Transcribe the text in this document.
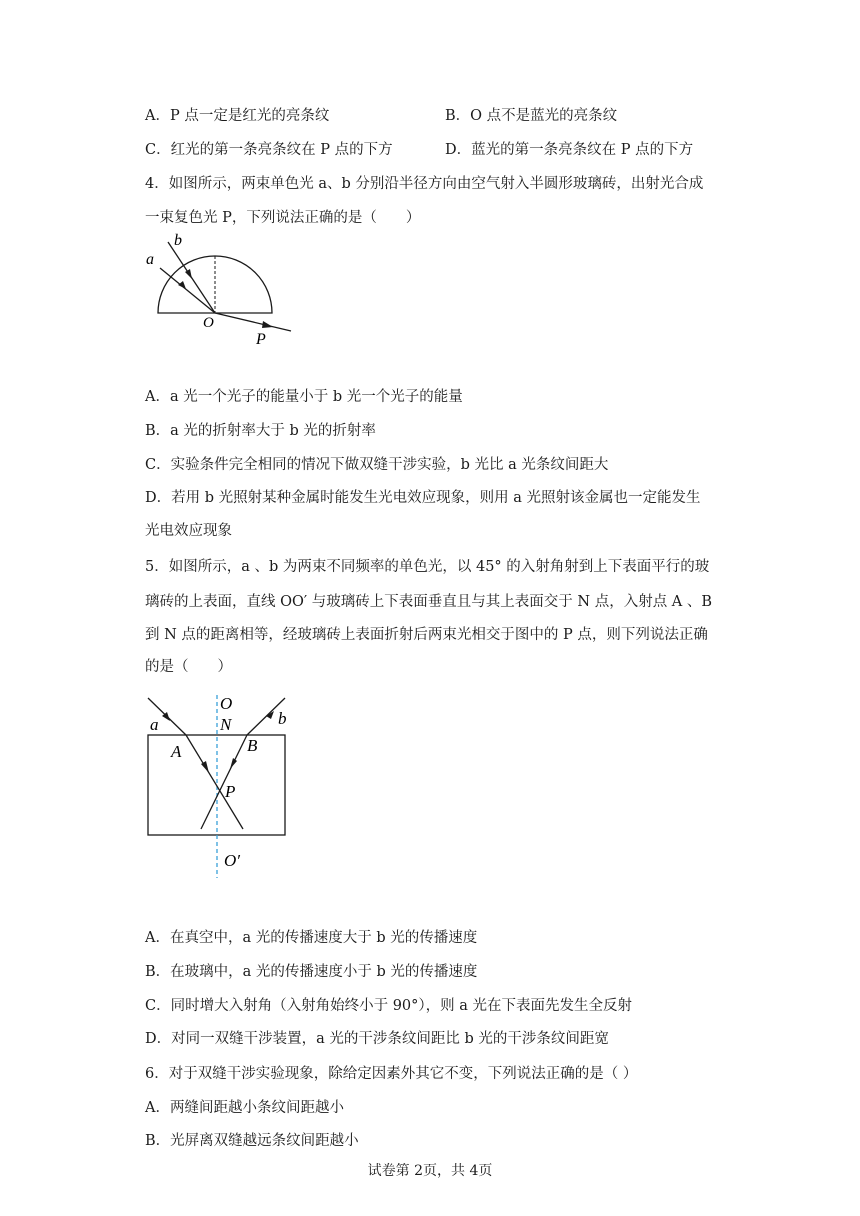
A．P 点一定是红光的亮条纹	B．O 点不是蓝光的亮条纹
C．红光的第一条亮条纹在 P 点的下方	D．蓝光的第一条亮条纹在 P 点的下方
4．如图所示，两束单色光 a、b 分别沿半径方向由空气射入半圆形玻璃砖，出射光合成
一束复色光 P，下列说法正确的是（　　）
a
b
O
P
A．a 光一个光子的能量小于 b 光一个光子的能量
B．a 光的折射率大于 b 光的折射率
C．实验条件完全相同的情况下做双缝干涉实验，b 光比 a 光条纹间距大
D．若用 b 光照射某种金属时能发生光电效应现象，则用 a 光照射该金属也一定能发生
光电效应现象
5．如图所示，a 、b 为两束不同频率的单色光，以 45° 的入射角射到上下表面平行的玻
璃砖的上表面，直线 OO′ 与玻璃砖上下表面垂直且与其上表面交于 N 点，入射点 A 、B
到 N 点的距离相等，经玻璃砖上表面折射后两束光相交于图中的 P 点，则下列说法正确
的是（　　）
O
N
a	b
A	B
P
O′
A．在真空中，a 光的传播速度大于 b 光的传播速度
B．在玻璃中，a 光的传播速度小于 b 光的传播速度
C．同时增大入射角（入射角始终小于 90°），则 a 光在下表面先发生全反射
D．对同一双缝干涉装置，a 光的干涉条纹间距比 b 光的干涉条纹间距宽
6．对于双缝干涉实验现象，除给定因素外其它不变，下列说法正确的是（ ）
A．两缝间距越小条纹间距越小
B．光屏离双缝越远条纹间距越小
试卷第 2页，共 4页
